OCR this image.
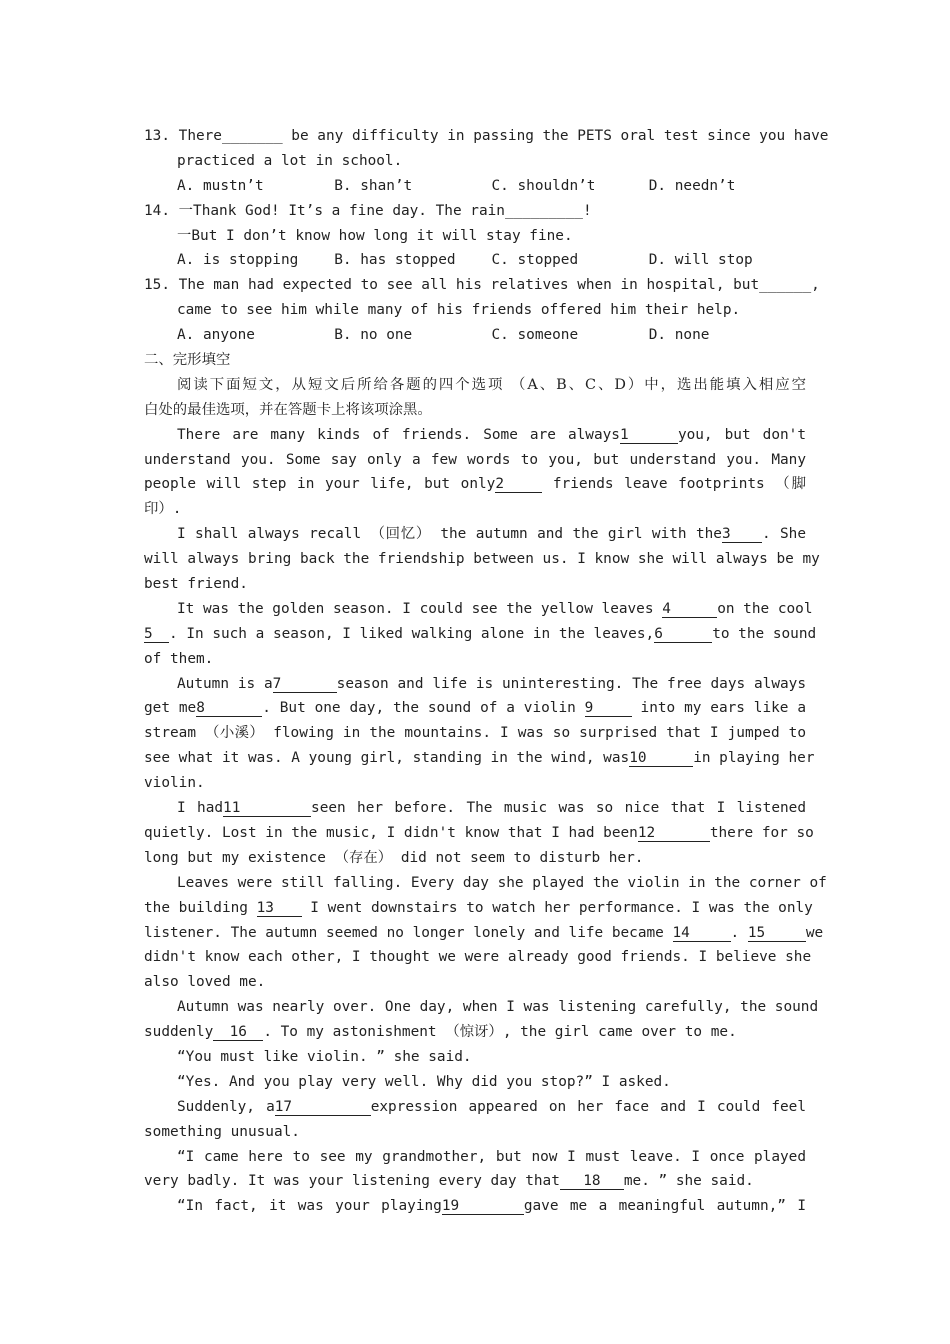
13. There_______ be any difficulty in passing the PETS oral test since you have
practiced a lot in school.
A. mustn’t	B. shan’t	C. shouldn’t	D. needn’t
14. 一Thank God! It’s a fine day. The rain_________!
一But I don’t know how long it will stay fine.
A. is stopping	B. has stopped	C. stopped	D. will stop
15. The man had expected to see all his relatives when in hospital, but______,
came to see him while many of his friends offered him their help.
A. anyone	B. no one	C. someone	D. none
二、完形填空
阅读下面短文，从短文后所给各题的四个选项 （A、B、C、D）中，选出能填入相应空
白处的最佳选项，并在答题卡上将该项涂黑。
There are many kinds of friends. Some are always1	you, but don't
understand you. Some say only a few words to you, but understand you. Many
people will step in your life, but only2	friends leave footprints （脚
印）.
I shall always recall （回忆） the autumn and the girl with the3 . She
will always bring back the friendship between us. I know she will always be my
best friend.
It was the golden season. I could see the yellow leaves 4	on the cool
5 . In such a season, I liked walking alone in the leaves,6	to the sound
of them.
Autumn is a7	season and life is uninteresting. The free days always
get me8	. But one day, the sound of a violin 9	into my ears like a
stream （小溪） flowing in the mountains. I was so surprised that I jumped to
see what it was. A young girl, standing in the wind, was10	in playing her
violin.
I had11	seen her before. The music was so nice that I listened
quietly. Lost in the music, I didn't know that I had been12	there for so
long but my existence （存在） did not seem to disturb her.
Leaves were still falling. Every day she played the violin in the corner of
the building 13 I went downstairs to watch her performance. I was the only
listener. The autumn seemed no longer lonely and life became 14	. 15	we
didn't know each other, I thought we were already good friends. I believe she
also loved me.
Autumn was nearly over. One day, when I was listening carefully, the sound
suddenly 16 . To my astonishment （惊讶）, the girl came over to me.
“You must like violin. ” she said.
“Yes. And you play very well. Why did you stop?” I asked.
Suddenly, a17	expression appeared on her face and I could feel
something unusual.
“I came here to see my grandmother, but now I must leave. I once played
very badly. It was your listening every day that 18 me. ” she said.
“In fact, it was your playing19	gave me a meaningful autumn,” I
